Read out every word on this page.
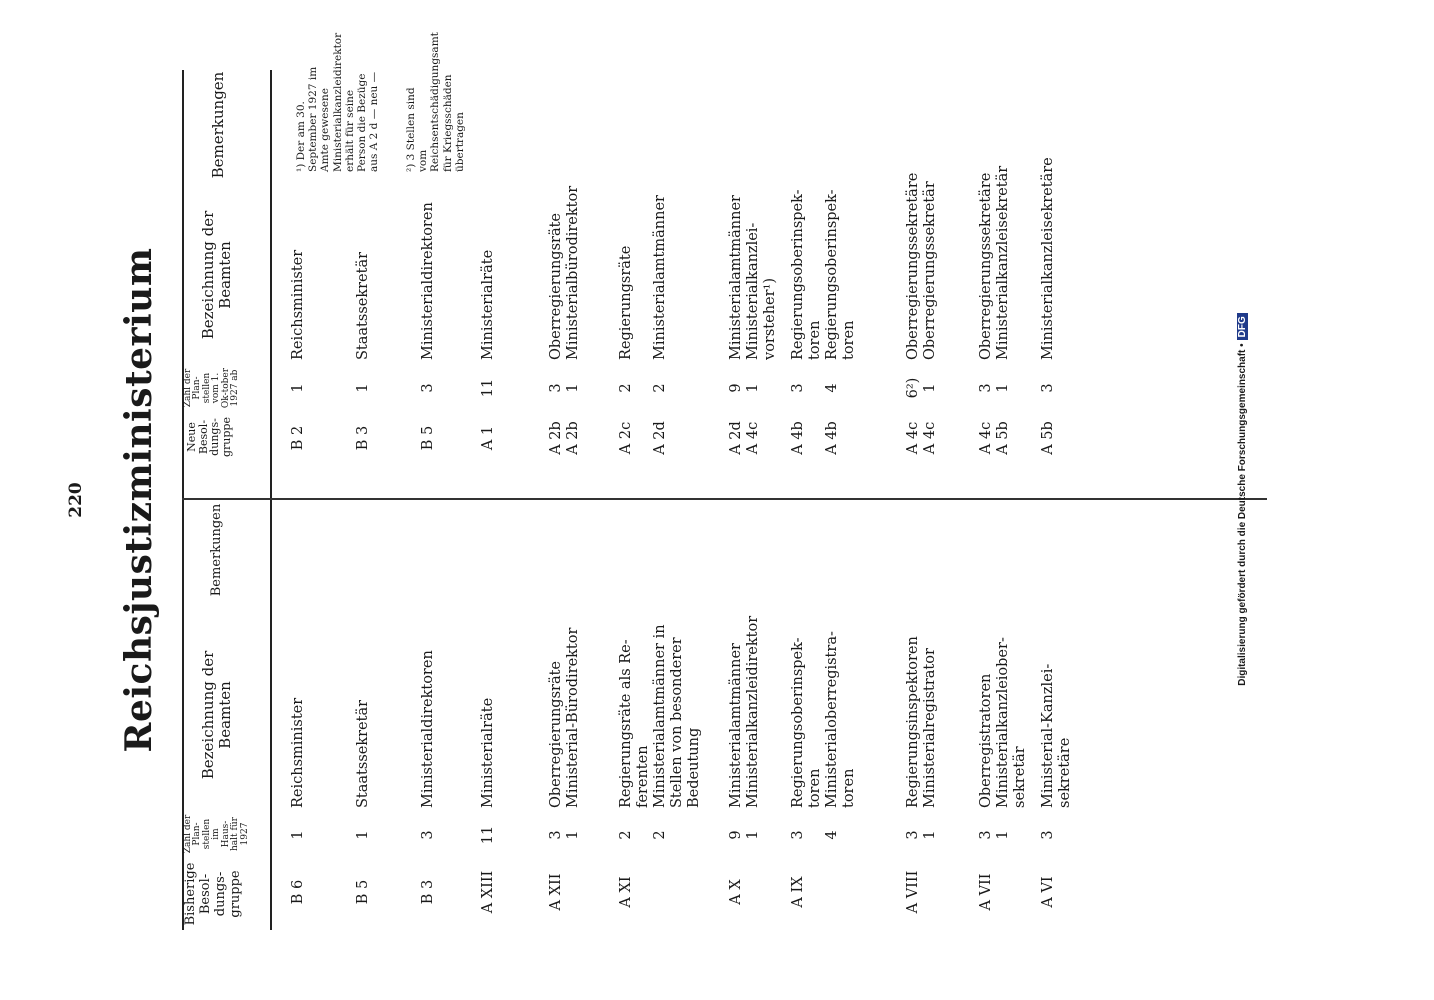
220 Reichsjustizministerium
Bisherige Besol-dungs-gruppe
Zahl der Plan-stellen im Haus-halt für 1927
Bezeichnung der Beamten
Bemerkungen
Neue Besol-dungs-gruppe
Zahl der Plan-stellen vom 1. Ok-tober 1927 ab
Bezeichnung der Beamten
Bemerkungen
B 6
1
Reichsminister
B 2
1
Reichsminister
B 5
1
Staatssekretär
B 3
1
Staatssekretär
B 3
3
Ministerialdirektoren
B 5
3
Ministerialdirektoren
A XIII
11
Ministerialräte
A 1
11
Ministerialräte
A XII
3
1
Oberregierungsräte
Ministerial-Bürodirektor
A 2b
A 2b
3
1
Oberregierungsräte
Ministerialbürodirektor
A XI
2

2
Regierungsräte als Re-
ferenten
Ministerialamtmänner in
Stellen von besonderer
Bedeutung
A 2c

A 2d
2

2
Regierungsräte

Ministerialamtmänner
A X
9
1
Ministerialamtmänner
Ministerialkanzleidirektor
A 2d
A 4c
9
1
Ministerialamtmänner
Ministerialkanzlei-
vorsteher¹)
A IX
3

4
Regierungsoberinspek-
toren
Ministerialoberregistra-
toren
A 4b

A 4b
3

4
Regierungsoberinspek-
toren
Regierungsoberinspek-
toren
A VIII
3
1
Regierungsinspektoren
Ministerialregistrator
A 4c
A 4c
6²)
1
Oberregierungssekretäre
Oberregierungssekretär
A VII
3
1
Oberregistratoren
Ministerialkanzleiober-
sekretär
A 4c
A 5b
3
1
Oberregierungssekretäre
Ministerialkanzleisekretär
A VI
3
Ministerial-Kanzlei-
sekretäre
A 5b
3
Ministerialkanzleisekretäre
¹) Der am 30. September 1927 im Amte gewesene Ministerialkanzleidirektor erhält für seine Person die Bezüge aus A 2 d — neu — ²) 3 Stellen sind vom Reichsentschädigungsamt für Kriegsschäden übertragen
Digitalisierung gefördert durch die Deutsche Forschungsgemeinschaft •DFG
